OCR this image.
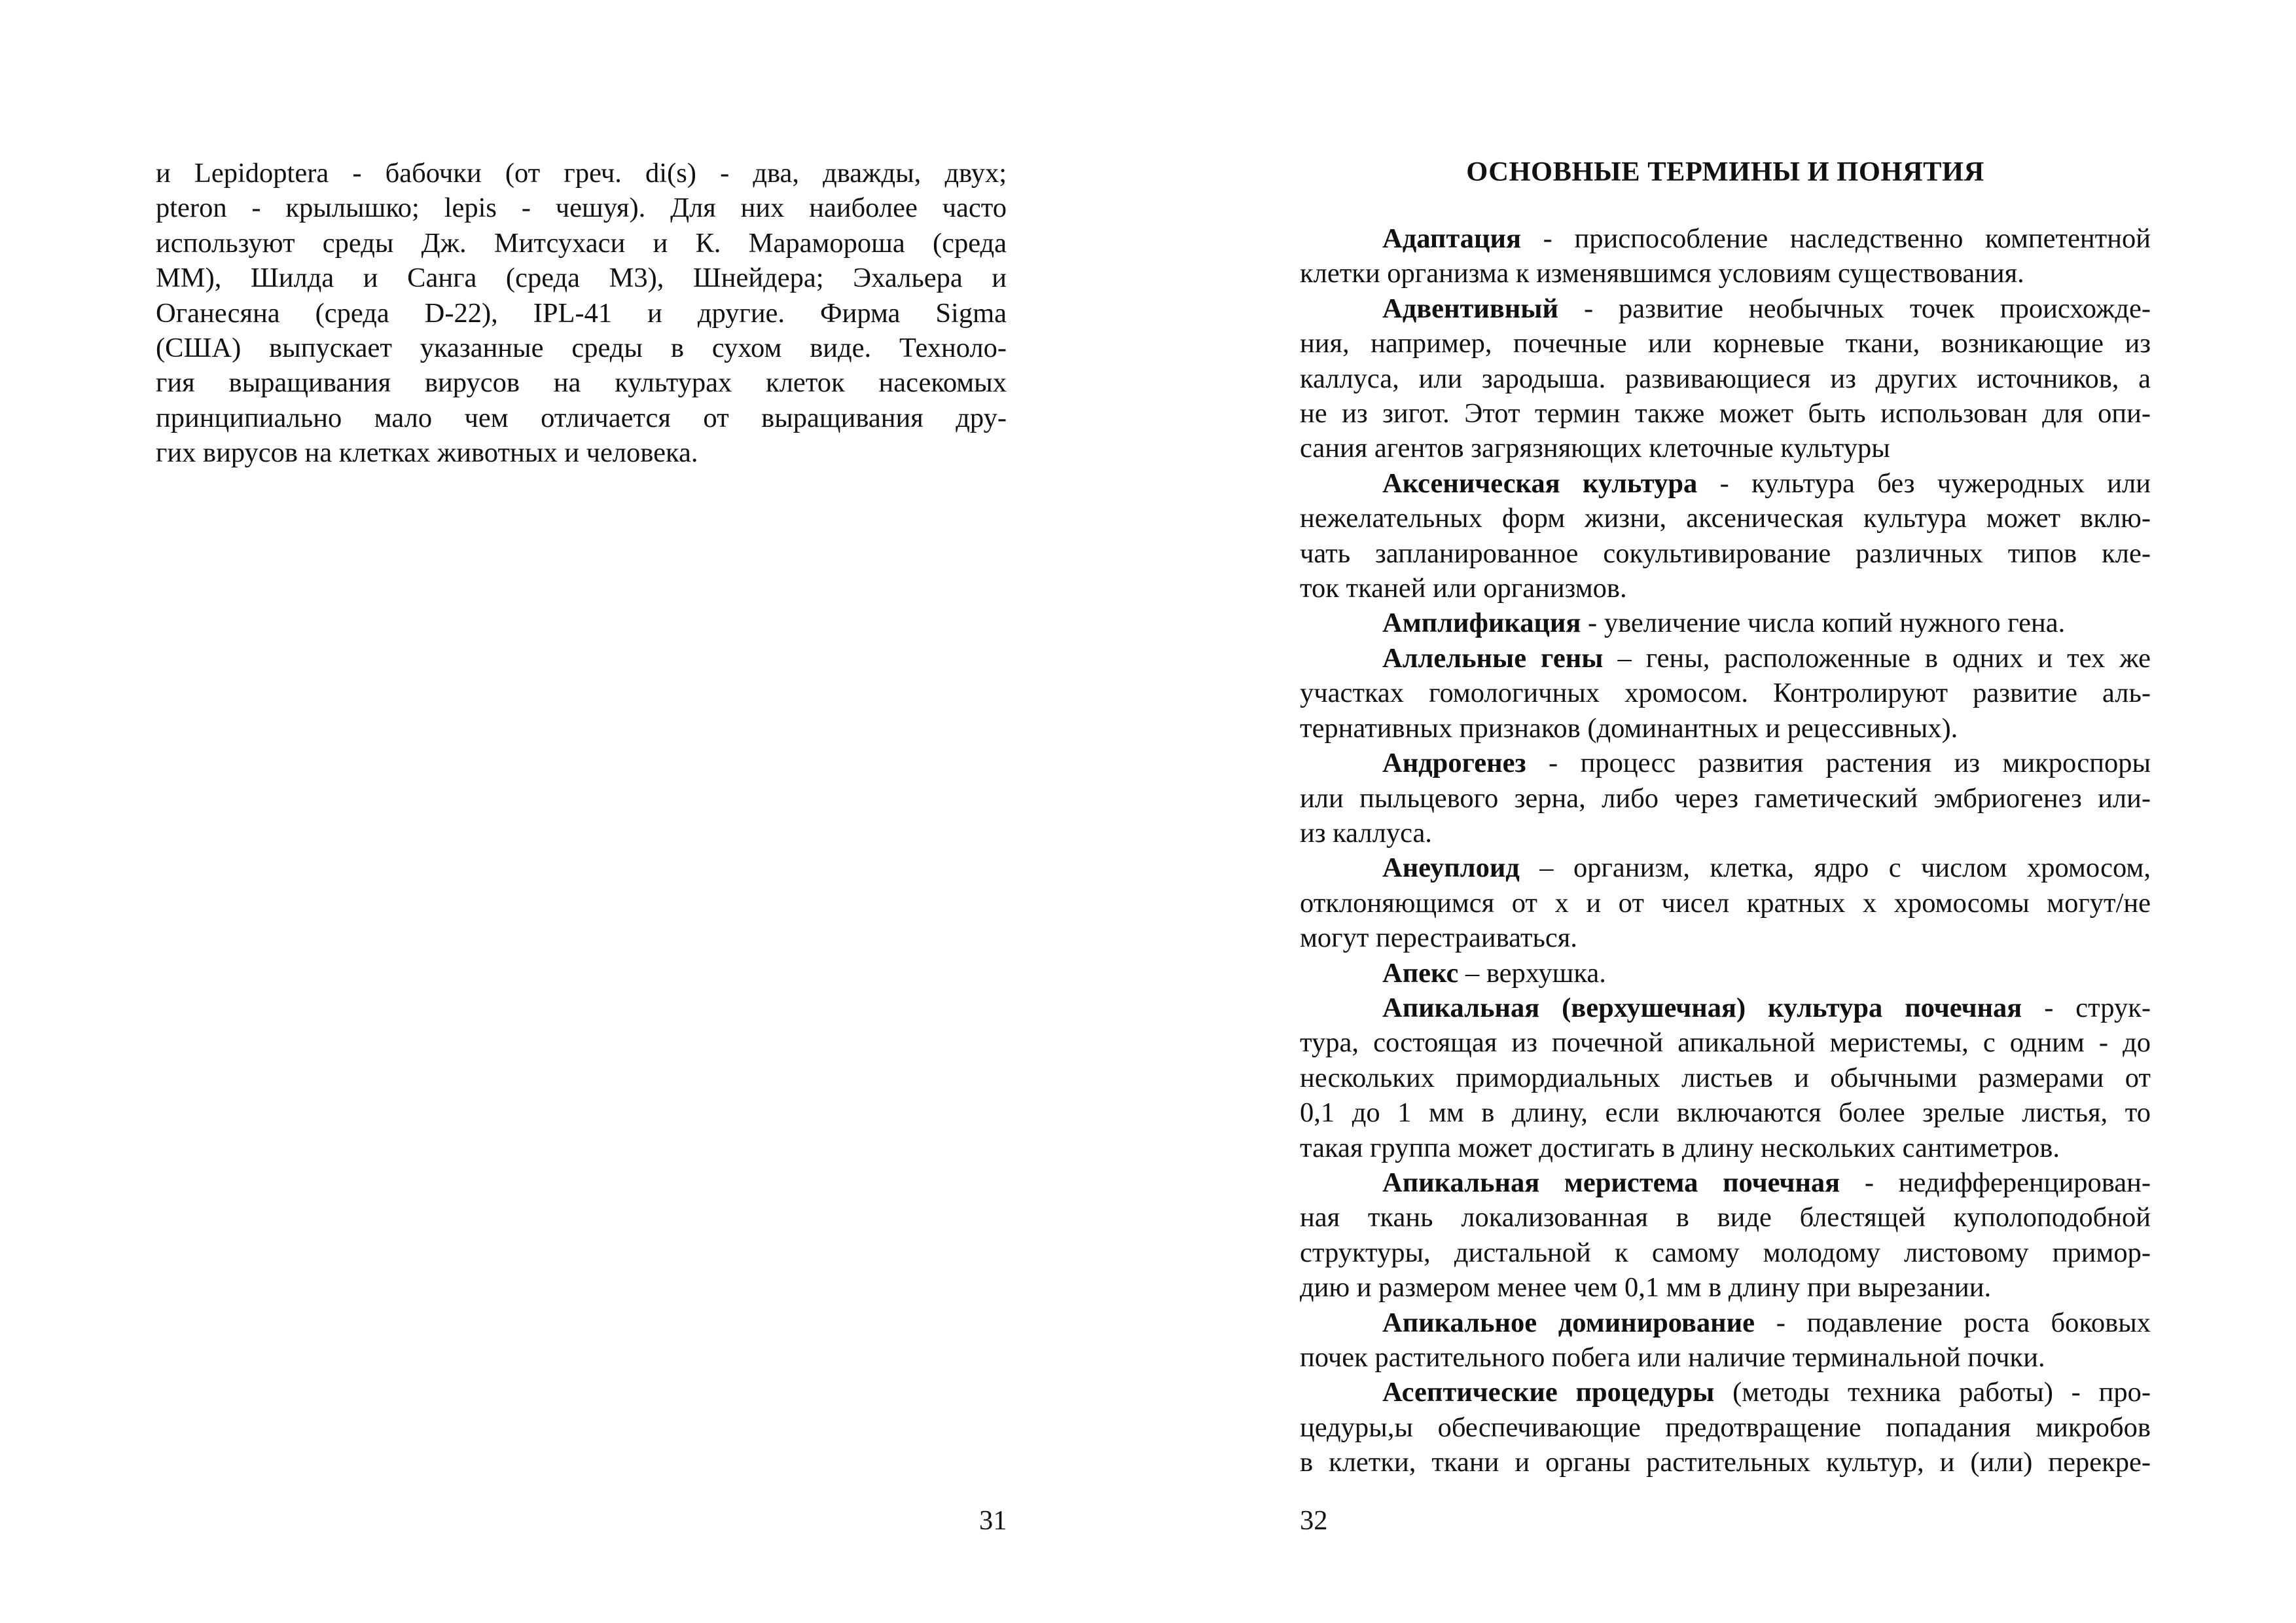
и Lepidoptera - бабочки (от греч. di(s) - два, дважды, двух;
pteron - крылышко; lepis - чешуя). Для них наиболее часто
используют среды Дж. Митсухаси и К. Марамороша (среда
ММ), Шилда и Санга (среда М3), Шнейдера; Эхальера и
Оганесяна (среда D-22), IPL-41 и другие. Фирма Sigma
(США) выпускает указанные среды в сухом виде. Техноло-
гия выращивания вирусов на культурах клеток насекомых
принципиально мало чем отличается от выращивания дру-
гих вирусов на клетках животных и человека.
31
ОСНОВНЫЕ ТЕРМИНЫ И ПОНЯТИЯ
Адаптация - приспособление наследственно компетентной
клетки организма к изменявшимся условиям существования.
Адвентивный - развитие необычных точек происхожде-
ния, например, почечные или корневые ткани, возникающие из
каллуса, или зародыша. развивающиеся из других источников, а
не из зигот. Этот термин также может быть использован для опи-
сания агентов загрязняющих клеточные культуры
Аксеническая культура - культура без чужеродных или
нежелательных форм жизни, аксеническая культура может вклю-
чать запланированное сокультивирование различных типов кле-
ток тканей или организмов.
Амплификация - увеличение числа копий нужного гена.
Аллельные гены – гены, расположенные в одних и тех же
участках гомологичных хромосом. Контролируют развитие аль-
тернативных признаков (доминантных и рецессивных).
Андрогенез - процесс развития растения из микроспоры
или пыльцевого зерна, либо через гаметический эмбриогенез или-
из каллуса.
Анеуплоид – организм, клетка, ядро с числом хромосом,
отклоняющимся от x и от чисел кратных x хромосомы могут/не
могут перестраиваться.
Апекс – верхушка.
Апикальная (верхушечная) культура почечная - струк-
тура, состоящая из почечной апикальной меристемы, с одним - до
нескольких примордиальных листьев и обычными размерами от
0,1 до 1 мм в длину, если включаются более зрелые листья, то
такая группа может достигать в длину нескольких сантиметров.
Апикальная меристема почечная - недифференцирован-
ная ткань локализованная в виде блестящей куполоподобной
структуры, дистальной к самому молодому листовому примор-
дию и размером менее чем 0,1 мм в длину при вырезании.
Апикальное доминирование - подавление роста боковых
почек растительного побега или наличие терминальной почки.
Асептические процедуры (методы техника работы) - про-
цедуры,ы обеспечивающие предотвращение попадания микробов
в клетки, ткани и органы растительных культур, и (или) перекре-
32
